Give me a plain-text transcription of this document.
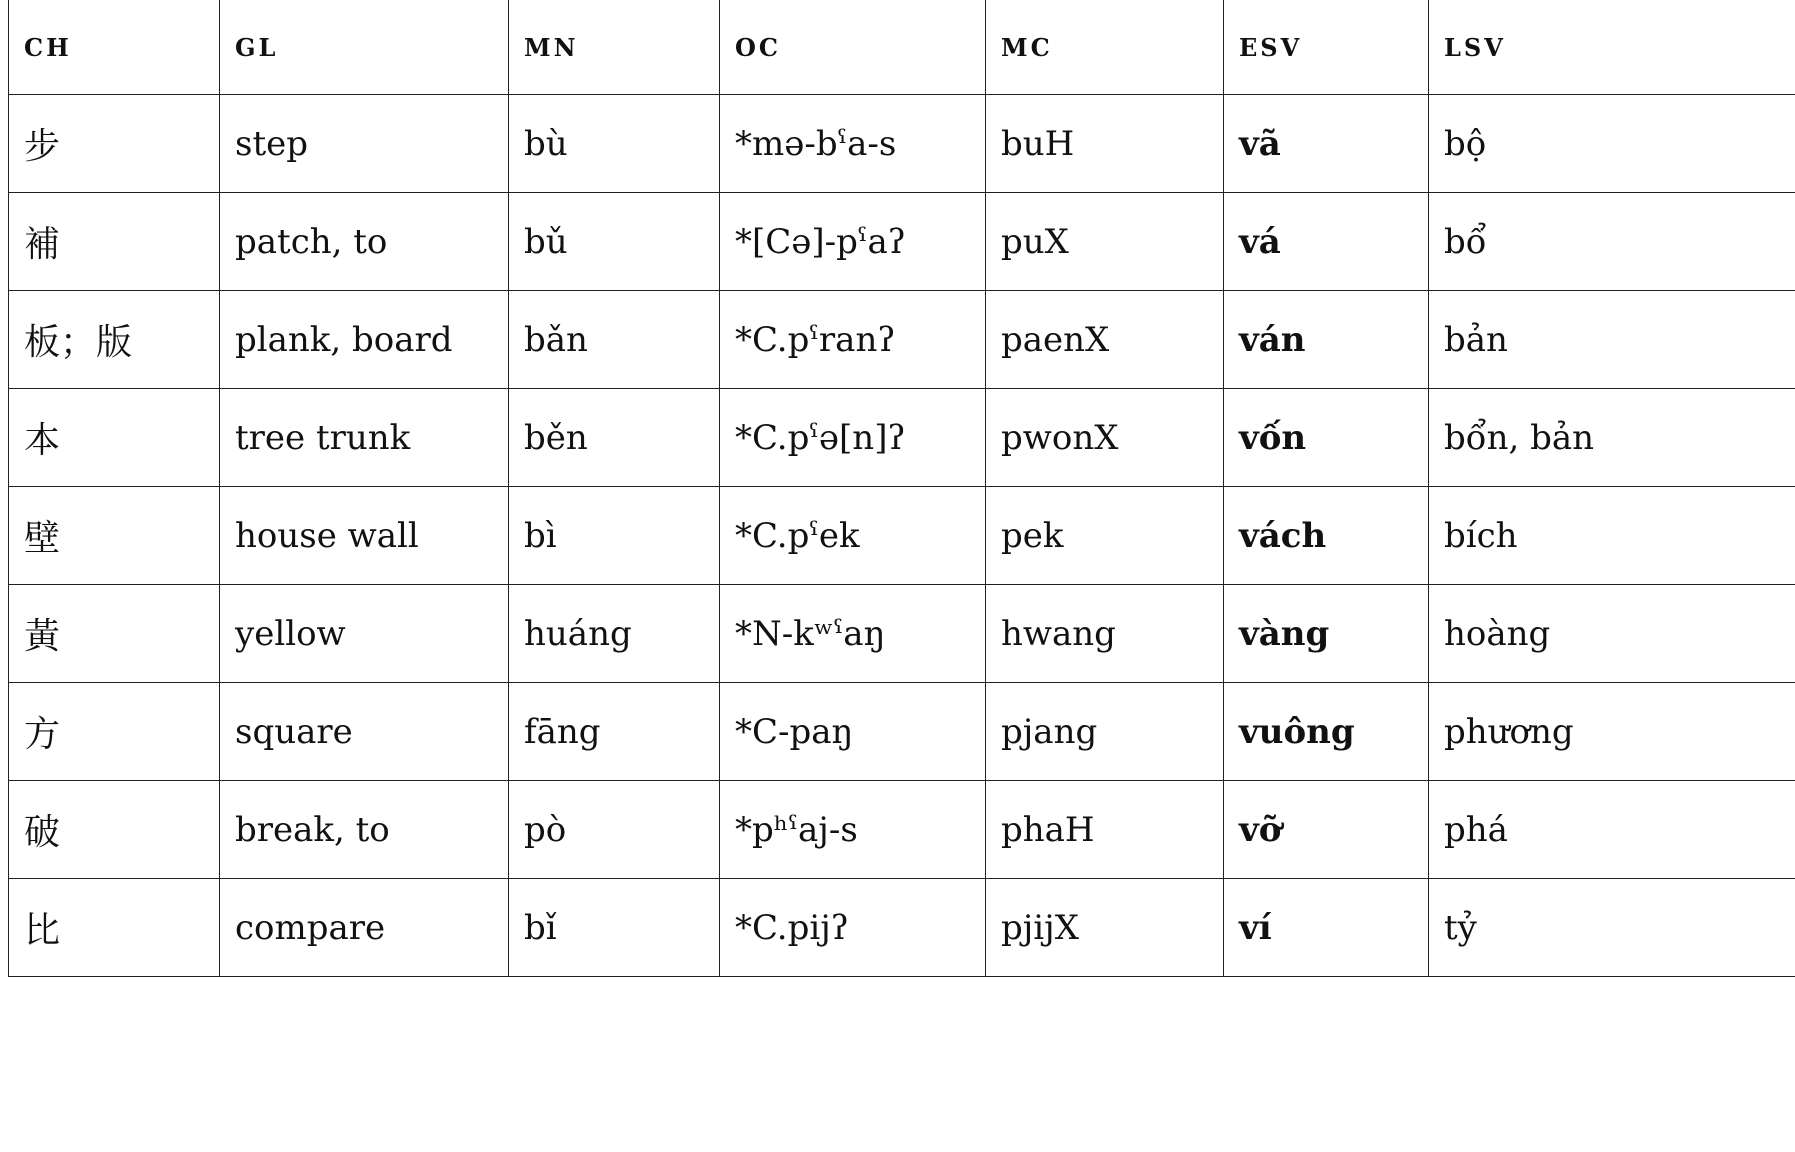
CH	GL	MN	OC	MC	ESV	LSV
步	step	bù	*mə-bˤa-s	buH	vã	bộ
補	patch, to	bǔ	*[Cə]-pˤaʔ	puX	vá	bổ
板；版	plank, board	bǎn	*C.pˤranʔ	paenX	ván	bản
本	tree trunk	běn	*C.pˤə[n]ʔ	pwonX	vốn	bổn, bản
壁	house wall	bì	*C.pˤek	pek	vách	bích
黃	yellow	huáng	*N-kʷˤaŋ	hwang	vàng	hoàng
方	square	fāng	*C-paŋ	pjang	vuông	phương
破	break, to	pò	*pʰˤaj-s	phaH	vỡ	phá
比	compare	bǐ	*C.pijʔ	pjijX	ví	tỷ
